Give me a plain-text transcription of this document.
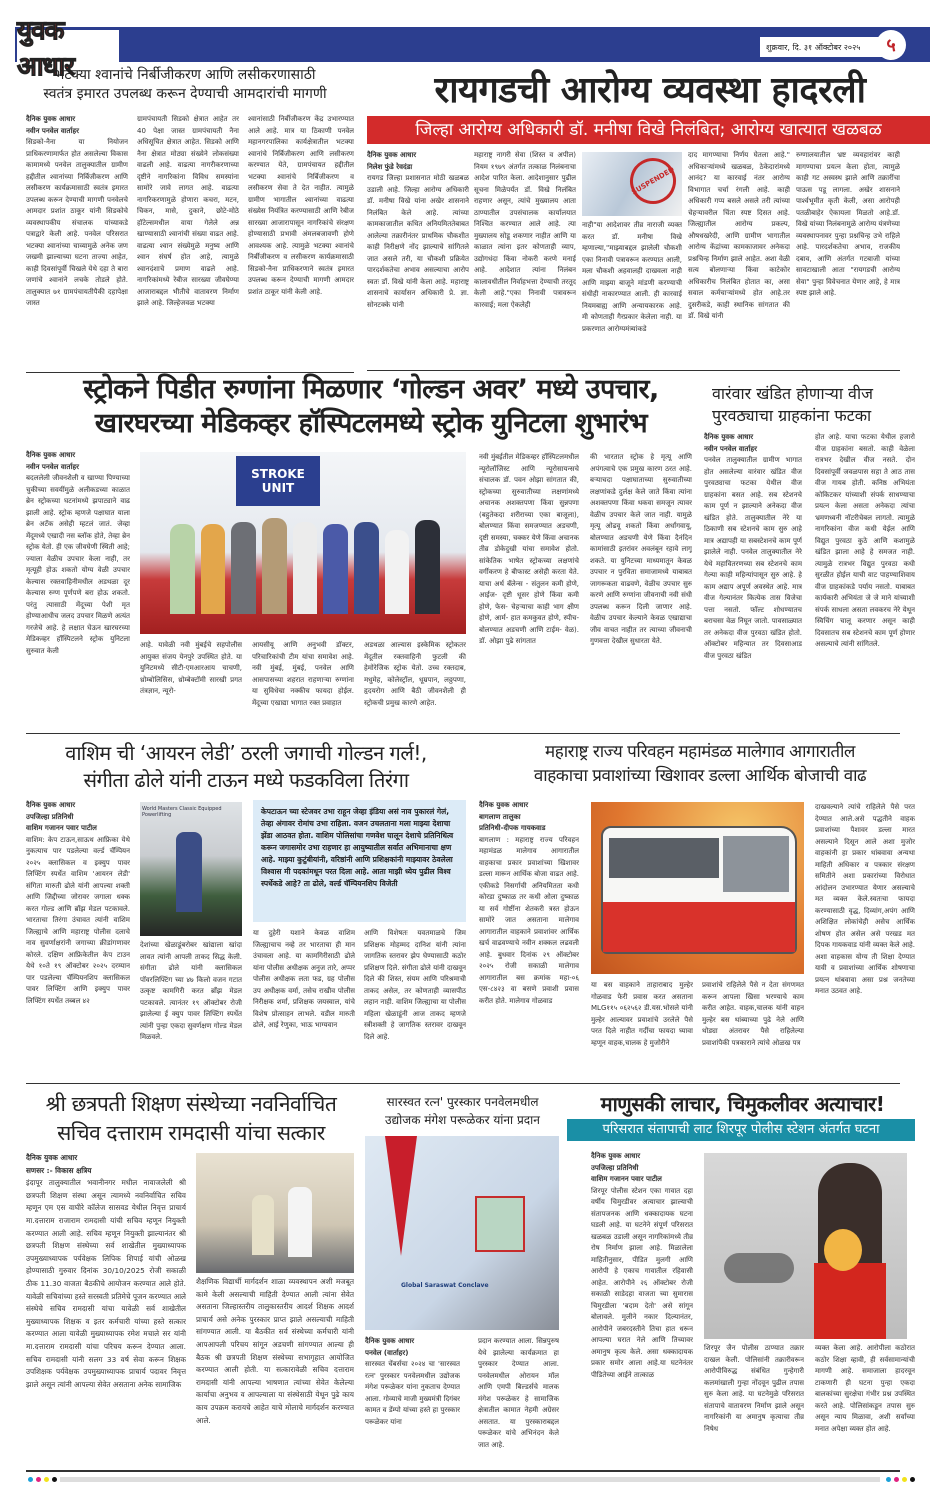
युवक आधार
शुक्रवार, दि. ३१ ऑक्टोबर २०२५	५
भटक्या श्वानांचे निर्बीजीकरण आणि लसीकरणासाठी
स्वतंत्र इमारत उपलब्ध करून देण्याची आमदारांची मागणी
दैनिक युवक आधार
नवीन पनवेल वार्ताहर
सिडको-नैना या नियोजन प्राधिकरणामार्फत होत असलेल्या विकास कामामध्ये पनवेल तालुक्यातील ग्रामीण हद्दीतील श्वानांच्या निर्बिजीकरण आणि लसीकरण कार्यक्रमासाठी स्वतंत्र इमारत उपलब्ध करून देण्याची मागणी पनवेलचे आमदार प्रशांत ठाकूर यांनी सिडकोचे व्यवस्थापकीय संचालक यांच्याकडे पत्राद्वारे केली आहे. पनवेल परिसरात भटक्या श्वानांच्या चाव्यामुळे अनेक जण जखमी झाल्याच्या घटना ताज्या आहेत, काही दिवसांपूर्वी चिखले येथे दहा ते बारा जणांचे श्वानांने लचके तोडले होते. तालुक्यात ७१ ग्रामपंचायतीपैकी दहापेक्षा जास्त
ग्रामपंचायती सिडको क्षेत्रात आहेत तर 40 पेक्षा जास्त ग्रामपंचायती नैना अधिसूचित क्षेत्रात आहेत. सिडको आणि नैना क्षेत्रात मोठ्या संख्येने लोकसंख्या वाढली आहे. वाढत्या नागरीकरणाच्या दृष्टीने नागरिकांना विविध समस्यांना सामोरे जावे लागत आहे. वाढत्या नागरिकरणामुळे होणारा कचरा, मटन, चिकन, मासे, दुकाने, छोटे-मोठे हॉटेल्समधील वाया गेलेले अन्न खाण्यासाठी श्वानांची संख्या वाढत आहे. वाढत्या श्वान संख्येमुळे मनुष्य आणि श्वान संघर्ष होत आहे, त्यामुळे श्वानदंशाचे प्रमाण वाढले आहे. नागरिकांमध्ये रेबीज सारख्या जीवघेण्या आजाराबद्दल भीतीचे वातावरण निर्माण झाले आहे. जिल्हेजवळ भटक्या
श्वानांसाठी निर्बीजीकरण केंद्र उभारण्यात आले आहे. मात्र या ठिकाणी पनवेल महानगरपालिका कार्यक्षेत्रातील भटक्या श्वानांचे निर्बिजीकरण आणि लसीकरण करण्यात येते, ग्रामपंचायत हद्दीतील भटक्या श्वानांचे निर्बिजीकरण व लसीकरण सेवा ते देत नाहीत. त्यामुळे ग्रामीण भागातील श्वानांच्या वाढत्या संख्येस नियंत्रित करण्यासाठी आणि रेबीज सारख्या आजारापासून नागरिकांचे संरक्षण होण्यासाठी प्रभावी अंमलबजावणी होणे आवश्यक आहे. त्यामुळे भटक्या श्वानांचे निर्बीजीकरण व लसीकरण कार्यक्रमासाठी सिडको-नैना प्राधिकरणाने स्वतंत्र इमारत उपलब्ध करून देण्याची मागणी आमदार प्रशांत ठाकूर यांनी केली आहे.
रायगडची आरोग्य व्यवस्था हादरली
जिल्हा आरोग्य अधिकारी डॉ. मनीषा विखे निलंबित; आरोग्य खात्यात खळबळ
दैनिक युवक आधार
निलेश फुंडे रेवदंडा
रायगड जिल्हा प्रशासनात मोठी खळबळ उडाली आहे. जिल्हा आरोग्य अधिकारी डॉ. मनीषा विखे यांना अखेर शासनाने निलंबित केले आहे. त्यांच्या कामकाजातील कथित अनियमिततेबाबत आलेल्या तक्रारीनंतर प्राथमिक चौकशीत काही निरीक्षणे नोंद झाल्याचे सांगितले जात असले तरी, या चौकशी प्रक्रियेत पारदर्शकतेचा अभाव असल्याचा आरोप स्वतः डॉ. विखे यांनी केला आहे. महाराष्ट्र शासनाचे कार्यासन अधिकारी प्रे. ज्ञा. सोनटक्के यांनी
महाराष्ट्र नागरी सेवा (शिस्त व अपील) नियम १९७९ अंतर्गत तत्काळ निलंबनाचा आदेश पारित केला. आदेशानुसार पुढील सूचना मिळेपर्यंत डॉ. विखे निलंबित राहणार असून, त्यांचे मुख्यालय आता ठाण्यातील उपसंचालक कार्यालयात निश्चित करण्यात आले आहे. त्या मुख्यालय सोडू शकणार नाहीत आणि या काळात त्यांना इतर कोणताही व्याप, उद्योगधंदा किंवा नोकरी करणे मनाई आहे. आदेशात त्यांना निलंबन कालावधीतील निर्वाहभत्ता देण्याची तरतूद केली आहे."एका निनावी पत्रावरून कारवाई; मला ऐकलेही
SUSPENDED
नाही"या आदेशावर तीव्र नाराजी व्यक्त करत डॉ. मनीषा विखे म्हणाल्या,"माझ्याबद्दल झालेली चौकशी एका निनावी पत्रावरून करण्यात आली, मला चौकशी अहवालही दाखवला नाही आणि माझ्या बाजूने मांडणी करण्याची संधीही नाकारण्यात आली. ही कारवाई नियमबाह्य आणि अन्यायकारक आहे. मी कोणताही गैरप्रकार केलेला नाही. या प्रकरणात आरोग्यमंत्र्यांकडे
दाद मागण्याचा निर्णय घेतला आहे." अधिकाऱ्यांमध्ये खळबळ, ठेकेदारांमध्ये आनंद? या कारवाई नंतर आरोग्य विभागात चर्चा रंगली आहे. काही अधिकारी गप्प बसले असले तरी त्यांच्या चेहऱ्यावरील चिंता स्पष्ट दिसत आहे. जिल्ह्यातील आरोग्य प्रकल्प, औषधखरेदी, आणि ग्रामीण भागातील आरोग्य केंद्रांच्या कामकाजावर अनेकदा प्रश्नचिन्ह निर्माण झाले आहेत. अशा वेळी सत्य बोलणाऱ्या किंवा काटेकोर अधिकारीच निलंबित होतात का, असा सवाल कर्मचाऱ्यांमध्ये होत आहे.तर दुसरीकडे, काही स्थानिक सांगतात की डॉ. विखे यांनी
रुग्णालयातील भ्रष्ट व्यवहारांवर काही मागण्याचा प्रयत्न केला होता, त्यामुळे काही गट अस्वस्थ झाले आणि तक्रारींचा पाऊस पडू लागला. अखेर शासनाने पार्श्वभूमीत कृती केली, असा आरोपही पतळीबाहेर ऐकायला मिळतो आहे.डॉ. विखे यांच्या निलंबनामुळे आरोग्य यंत्रणेच्या व्यवस्थापनावर पुन्हा प्रश्नचिन्ह उभे राहिले आहे. पारदर्शकतेचा अभाव, राजकीय दबाव, आणि अंतर्गत गटबाजी यांच्या सावटाखाली आता "रायगडची आरोग्य सेवा" पुन्हा विवेचनात येणार आहे, हे मात्र स्पष्ट झाले आहे.
स्ट्रोकने पिडीत रुग्णांना मिळणार ‘गोल्डन अवर’ मध्ये उपचार,
खारघरच्या मेडिकव्हर हॉस्पिटलमध्ये स्ट्रोक युनिटला शुभारंभ
दैनिक युवक आधार
नवीन पनवेल वार्ताहर
बदललेली जीवनशैली व खाण्या पिण्याच्या चुकीच्या सवयींमुळे अलीकडच्या काळात ब्रेन स्ट्रोकच्या घटनांमध्ये झपाट्याने वाढ झाली आहे. स्ट्रोक म्हणजे पक्षाघात याला ब्रेन अटॅक असेही म्हटलं जातं. जेव्हा मेंदूमध्ये एखादी नस ब्लॉक होते, तेव्हा ब्रेन स्ट्रोक येतो. ही एक जीवघेणी स्थिती आहे; ज्याला वेळीच उपचार केला नाही, तर मृत्यूही होऊ शकतो योग्य वेळी उपचार केल्यास रक्तवाहिनीमधील अडथळा दूर केल्यास रुग्ण पूर्णपणे बरा होऊ शकतो. परंतु त्यासाठी मेंदूच्या पेशी मृत होण्याआधीच जलद उपचार मिळणे अत्यंत गरजेचे आहे. हे लक्षात घेऊन खारघरच्या मेडिकव्हर हॉस्पिटलने स्ट्रोक युनिटला सुरुवात केली
STROKE UNIT
आहे. यावेळी नवी मुंबईचे सहपोलीस आयुक्त संजय येनपुरे उपस्थित होते. या युनिटमध्ये सीटी-एमआरआय चाचणी, थ्रोम्बोलिसिस, थ्रोम्बेक्टॉमी सारखी प्रगत तंत्रज्ञान, न्यूरो-
आयसीयू आणि अनुभवी डॉक्टर, परिचारिकांची टीम यांचा समावेश आहे. नवी मुंबई, मुंबई, पनवेल आणि आसपासच्या शहरात राहणाऱ्या रुग्णांना या सुविधेचा नक्कीच फायदा होईल. मेंदूच्या एखाद्या भागात रक्त प्रवाहात
अडथळा आल्यास इस्केमिक स्ट्रोकतर मेंदूतील रक्तवाहिनी फुटली की हेमोरेजिक स्ट्रोक येतो. उच्च रक्तदाब, मधुमेह, कोलेस्ट्रॉल, धूम्रपान, लठ्ठपणा, हृदयरोग आणि बैठी जीवनशैली ही स्ट्रोकची प्रमुख कारणे आहेत.
नवी मुंबईतील मेडिकव्हर हॉस्पिटलमधील न्यूरोलॉजिस्ट आणि न्यूरोसायन्सचे संचालक डॉ. पवन ओझा सांगतात की, स्ट्रोकच्या सुरुवातीच्या लक्षणांमध्ये अचानक अशक्तपणा किंवा सुन्नपणा (बहुतेकदा शरीराच्या एका बाजूला), बोलण्यात किंवा समजण्यात अडचणी, दृष्टी समस्या, चक्कर येणे किंवा अचानक तीव्र डोकेदुखी यांचा समावेश होतो. सांकेतिक भाषेत स्ट्रोकच्या लक्षणांचे वर्गीकरण हे बीफास्ट असेही करता येते. याचा अर्थ बॅलेन्स - संतुलन कमी होणे, आईज- दृष्टी धूसर होणे किंवा कमी होणे, फेस- चेहऱ्याचा काही भाग क्षीण होणे, आर्म- हात कमकुवत होणे, स्पीच- बोलण्यात अडचणी आणि टाईम- वेळ). डॉ. ओझा पुढे सांगतात
की भारतात स्ट्रोक हे मृत्यू आणि अपंगत्वाचे एक प्रमुख कारण ठरत आहे. बऱ्याचदा पक्षाघाताच्या सुरुवातीच्या लक्षणांकडे दुर्लक्ष केले जाते किंवा त्यांना अशक्तपणा किंवा थकवा समजून त्यावर वेळीच उपचार केले जात नाही. यामुळे मृत्यू ओढवू शकतो किंवा अर्धांगवायू, बोलण्यात अडचणी येणे किंवा दैनंदिन कामांसाठी इतरांवर अवलंबून रहावे लागू शकते. या युनिटच्या माध्यमातून केवळ उपचार न पुरविता समाजामध्ये याबाबत जागरूकता वाढवणे, वेळीच उपचार सुरु करणे आणि रुग्णांना जीवनाची नवी संधी उपलब्ध करून दिली जाणार आहे. वेळीच उपचार केल्याने केवळ एखाद्याचा जीव वाचत नाहीत तर त्याच्या जीवनाची गुणवत्ता देखील सुधारता येते.
वारंवार खंडित होणाऱ्या वीज
पुरवठ्याचा ग्राहकांना फटका
दैनिक युवक आधार
नवीन पनवेल वार्ताहर
पनवेल तालुक्यातील ग्रामीण भागात होत असलेल्या वारंवार खंडित वीज पुरवठ्याचा फटका येथील वीज ग्राहकांना बसत आहे. सब स्टेशनचे काम पूर्ण न झाल्याने अनेकदा वीज खंडित होते. तालुक्यातील नेरे या ठिकाणी सब स्टेशनचे काम सुरु आहे मात्र अद्यापही या सबस्टेशनचे काम पूर्ण झालेले नाही. पनवेल तालुक्यातील नेरे येथे महावितरणच्या सब स्टेशनचे काम गेल्या काही महिन्यांपासून सुरु आहे. हे काम अद्याप अपूर्ण अवस्थेत आहे. मात्र वीज गेल्यानंतर कित्येक तास विजेचा पत्ता नसतो. फॉल्ट शोधण्यातच बराचसा वेळ निघून जातो. पावसाळ्यात तर अनेकदा वीज पुरवठा खंडित होतो. ऑक्टोबर महिन्यात तर दिवसाआड वीज पुरवठा खंडित
होत आहे. याचा फटका येथील हजारो वीज ग्राहकांना बसतो. काही वेळेला रात्रभर देखील वीज नसते. दोन दिवसांपूर्वी जवळपास सहा ते आठ तास वीज गायब होती. कनिष्ठ अभियंता कोकिटकर यांच्याशी संपर्क साधण्याचा प्रयत्न केला असता अनेकदा त्यांचा भ्रमणध्वनी नॉटरीचेबल लागतो. त्यामुळे नागरिकांना वीज कधी येईल आणि विद्युत पुरवठा कुठे आणि कशामुळे खंडित झाला आहे हे समजत नाही. त्यामुळे रात्रभर विद्युत पुरवठा कधी सुरळीत होईल याची वाट पाहण्याशिवाय वीज ग्राहकांकडे पर्याय नसतो. याबाबत कार्यकारी अभियंता जे जे माने यांच्याशी संपर्क साधला असता लवकरच नेरे येथून स्विचिंग चालू करणार असून काही दिवसातच सब स्टेशनचे काम पूर्ण होणार असल्याचे त्यांनी सांगितले.
वाशिम ची ‘आयरन लेडी’ ठरली जगाची गोल्डन गर्ल!,
संगीता ढोले यांनी टाऊन मध्ये फडकविला तिरंगा
दैनिक युवक आधार
उपजिल्हा प्रतिनिधी
वाशिम गजानन पवार पाटील
वाशिम: केप टाऊन,साऊथ आफ्रिका येथे नुकत्याच पार पडलेल्या वर्ल्ड चॅम्पियन २०२५ क्लासिकल व इक्युप पावर लिफ्टिंग स्पर्धेत वाशिम 'आयरन लेडी' संगिता मारुती ढोले यांनी आपल्या शक्ती आणि जिद्दीच्या जोरावर जगाला धक्क करत गोल्ड आणि ब्रॉझ मेडल पटकावले. भारताचा तिरंगा उंचावत त्यांनी वाशिम जिल्ह्याचे आणि महाराष्ट्र पोलीस दलाचे नाव सुवर्णाक्षरांनी जगाच्या क्रीडांगणावर कोरले. दक्षिण आफ्रिकेतील केप टाउन येथे १०ते १९ ऑक्टोबर २०२५ दरम्यान पार पडलेल्या चॅम्पियनशिप क्लासिकल पावर लिफ्टिंग आणि इक्युप पावर लिफ्टिंग स्पर्धेत तब्बल ४२
World Masters Classic Equipped Powerlifting
देशांच्या खेळाडूंबरोबर खांद्याला खांदा लावत त्यांनी आपली ताकद सिद्ध केली. संगीता ढोले यांनी क्लासिकल पॉवरलिफ्टिंग च्या ४७ किलो वजन गटात उत्कृष्ट कामगिरी करत ब्रॉंझ मेडल पटकावले. त्यानंतर १९ ऑक्टोबर रोजी झालेल्या ई क्युप पावर लिफ्टिंग स्पर्धेत त्यांनी पुन्हा एकदा सुवर्णक्षण गोल्ड मेडल मिळवले.
केपटाऊन च्या स्टेजवर उभा राहून जेव्हा इंडिया असं नाव पुकारलं गेलं, तेव्हा अंगावर रोमांच उभा राहिला. वजन उचलताना मला माझ्या देशाचा झेंडा आठवत होता. वाशिम पोलिसांचा गणवेश घालून देशाचे प्रतिनिधित्व करून जगासमोर उभा राहणार हा आयुष्यातील सर्वात अभिमानाचा क्षण आहे. माझ्या कुटुंबीयांनी, वरिष्ठांनी आणि प्रशिक्षकांनी माझ्यावर ठेवलेला विश्वास मी पदकांमधून परत दिला आहे. आता माझी ध्येय पुढील विश्व स्पर्धेकडे आहे? ता ढोले, वर्ल्ड चॅम्पियनशिप विजेती
या दुहेरी यशाने केवळ वाशिम जिल्ह्याचाच नव्हे तर भारताचा ही मान उंचावला आहे. या कामगिरीसाठी ढोले यांना पोलीस अधीक्षक अनुज तारे, अप्पर पोलीस अधीक्षक लता फड, ग्रह पोलीस उप अधीक्षक वर्मा, तसेच राखीव पोलीस निरीक्षक शर्मा, प्रशिक्षक जयस्वाल, यांचे विशेष प्रोत्साहन लाभले. वडील मारुती ढोले, आई रेणुका, भाऊ भाग्यवान
आणि विशेषतः यवतमाळचे जिम प्रशिक्षक मोहम्मद दानिश यांनी त्यांना जागतिक स्तरावर झेप घेण्यासाठी कठोर प्रशिक्षण दिले. संगीता ढोले यांनी दाखवून दिले की शिस्त, संयम आणि परिश्रमाची ताकद असेल, तर कोणताही व्यासपीठ लहान नाही. वाशिम जिल्ह्याचा या पोलीस महिला खेळाडूंनी आज ताकद म्हणजे स्त्रीशक्ती हे जागतिक स्तरावर दाखवून दिले आहे.
महाराष्ट्र राज्य परिवहन महामंडळ मालेगाव आगारातील
वाहकाचा प्रवाशांच्या खिशावर डल्ला आर्थिक बोजाची वाढ
दैनिक युवक आधार
बागलाण तालुका
प्रतिनिधी-दीपक गायकवाड
बागलाण : महाराष्ट्र राज्य परिवहन महामंडळ मालेगाव आगारातील वाहकाचा प्रकार प्रवाशांच्या खिशावर डल्ला मारून आर्थिक बोजा वाढत आहे. एकीकडे निसर्गाची अनियमितता कधी कोरडा दुष्काळ तर कधी ओला दुष्काळ या सर्व गोष्टींना शेतकरी त्रस्त होऊन सामोरे जात असताना मालेगाव आगारातील वाहकाने प्रवाशांवर आर्थिक खर्च वाढवण्याचे नवीन शक्कल लढवली आहे. बुधवार दिनांक २९ ऑक्टोबर २०२५ रोजी सकाळी मालेगाव आगारातील बस क्रमांक महा-०६ एस-८४२३ वा बसणे प्रवाशी प्रवास करीत होते. मालेगाव गोळवाड
या बस वाहकाने ताहाराबाद मुल्हेर गोळवाड फेरी प्रवास करत असताना MLG११५ ०६२५६२ डी.यस.भोसले यांनी मुल्हेर आल्यावर प्रवाशांचे उरलेले पैसे परत दिले नाहीत गर्दीचा फायदा घ्यावा म्हणून वाहक,चालक हे मुजोरीने
प्रवाशांचे राहिलेले पैसे न देता संगणमत करून आपला खिसा भरण्याचे काम करीत आहेत. वाहक,चालक यांनी वाहन मुल्हेर बस थांब्याच्या पुढे नेले आणि थोड्या अंतरावर पैसे राहिलेल्या प्रवाशांपैकी पत्रकाराने त्यांचे ओळख पत्र
दाखवल्याने त्यांचे राहिलेले पैसे परत देण्यात आले.असे पद्धतीने वाहक प्रवाशांच्या पैशावर डल्ला मारत असल्याने दिसून आले अशा मुजोर वाहकांनी हा प्रकार थांबवावा अन्यथा माहिती अधिकार व पत्रकार संरक्षण समितीने अशा प्रकारांच्या विरोधात आंदोलन उभारण्यात येणार असल्याचे मत व्यक्त केले.स्वतःचा फायदा करण्यासाठी वृद्ध, दिव्यांग,अपंग आणि अशिक्षित लोकांचेही असेच आर्थिक शोषण होत असेल असे परखड मत दिपक गायकवाड यांनी व्यक्त केले आहे. अशा वाहकास योग्य ती शिक्षा देण्यात यावी व प्रवाशांच्या आर्थिक शोषणाचा प्रयत्न थांबवावा असा प्रश्न जनतेच्या मनात उठवत आहे.
श्री छत्रपती शिक्षण संस्थेच्या नवनिर्वाचित
सचिव दत्ताराम रामदासी यांचा सत्कार
दैनिक युवक आधार
सणसर :- विकास क्षत्रिय
इंदापूर तालुक्यातील भवानीनगर मधील नावाजलेली श्री छत्रपती शिक्षण संस्था असून त्यामध्ये नवनिर्वाचित सचिव म्हणून एम एस वाघीरे कॉलेज सासवड येथील निवृत्त प्राचार्य मा.दत्ताराम राजाराम रामदासी यांची सचिव म्हणून नियुक्ती करण्यात आली आहे. सचिव म्हणून नियुक्ती झाल्यानंतर श्री छत्रपती शिक्षण संस्थेच्या सर्व शाखेतील मुख्याध्यापक उपमुख्याध्यापक पर्यवेक्षक लिपिक शिपाई यांची ओळख होण्यासाठी गुरुवार दिनांक 30/10/2025 रोजी सकाळी ठीक 11.30 वाजता बैठकीचे आयोजन करण्यात आले होते. यावेळी सचिवांच्या हस्ते सरस्वती प्रतिमेचे पूजन करण्यात आले संस्थेचे सचिव रामदासी यांचा यावेळी सर्व शाखेतील मुख्याध्यापक शिक्षक व इतर कर्मचारी यांच्या हस्ते सत्कार करण्यात आला यावेळी मुख्याध्यापक रमेश मचाले सर यांनी मा.दत्ताराम रामदासी यांचा परिचय करून देण्यात आला. सचिव रामदासी यांनी सलग 33 वर्ष सेवा करून शिक्षक उपशिक्षक पर्यवेक्षक उपमुख्याध्यापक प्राचार्य पदावर निवृत्त झाले असून त्यांनी आपल्या सेवेत असताना अनेक सामाजिक
शैक्षणिक विद्यार्थी मार्गदर्शन शाळा व्यवस्थापन अशी मजबूत कामे केली असल्याची माहिती देण्यात आली त्यांना सेवेत असताना जिल्हास्तरीय तालुकास्तरीय आदर्श शिक्षक आदर्श प्राचार्य असे अनेक पुरस्कार प्राप्त झाले असल्याची माहिती सांगण्यात आली. या बैठकीत सर्व संस्थेच्या कर्मचारी यांनी आपआपली परिचय सांगून अडचणी सांगण्यात आल्या ही बैठक श्री छत्रपती शिक्षण संस्थेच्या सभागृहात आयोजित करण्यात आली होती. या सत्कारावेळी सचिव दत्ताराम रामदासी यांनी आपल्या भाषणात त्यांच्या सेवेत केलेल्या कार्याचा अनुभव व आपल्याला या संस्थेसाठी येथून पुढे काय काय उपक्रम करायचे आहेत याचे मोलाचे मार्गदर्शन करण्यात आले.
सारस्वत रत्न' पुरस्कार पनवेलमधील
उद्योजक मंगेश परूळेकर यांना प्रदान
Global Saraswat Conclave
दैनिक युवक आधार
पनवेल (वार्ताहर)
सारस्वत चेंबर्सचा २०२४ चा 'सारस्वत रत्न' पुरस्कार पनवेलमधील उद्योजक मंगेश परूळेकर यांना नुकताच देण्यात आला. गोव्याचे माजी मुख्यमंत्री दिगंबर कामत व डेंम्पो यांच्या हस्ते हा पुरस्कार परूळेकर यांना
प्रदान करण्यात आला. सिन्नपुरुष येथे झालेल्या कार्यक्रमात हा पुरस्कार देण्यात आला. पनवेलमधील ओरायन मॉल आणि एमपी बिल्डर्सचे मालक मंगेश परूळेकर हे सामाजिक क्षेत्रातील कामात नेहमी अग्रेसर असतात. या पुरस्काराबद्दल परूळेकर यांचे अभिनंदन केले जात आहे.
माणुसकी लाचार, चिमुकलीवर अत्याचार!
परिसरात संतापाची लाट शिरपूर पोलीस स्टेशन अंतर्गत घटना
दैनिक युवक आधार
उपजिल्हा प्रतिनिधी
वाशिम गजानन पवार पाटील
शिरपूर पोलीस स्टेशन एका गावात दहा वर्षीय चिमुरडीवर अत्याचार झाल्याची संतापजनक आणि धक्कादायक घटना घडली आहे. या घटनेने संपूर्ण परिसरात खळबळ उडाली असून नागरिकांमध्ये तीव्र रोष निर्माण झाला आहे. मिळालेला माहितीनुसार, पीडित मुलगी आणि आरोपी हे एकाच गावातील रहिवासी आहेत. आरोपीने २६ ऑक्टोबर रोजी सकाळी साडेदहा वाजता च्या सुमारास चिमुरडीला 'बदाम देतो' असे सांगून बोलावले. मुलीने नकार दिल्यानंतर, आरोपीने जबरदस्तीने तिचा हात धरून आपल्या घरात नेले आणि तिच्यावर अमानुष कृत्य केले. असा धक्कादायक प्रकार समोर आला आहे.या घटनेनंतर पीडितेच्या आईने तात्काळ
शिरपूर जैन पोलीस ठाण्यात तक्रार दाखल केली. पोलिसांनी तक्रारीवरून आरोपीविरुद्ध संबंधित गुन्हेगारी कलमांखाली गुन्हा नोंदवून पुढील तपास सुरु केला आहे. या घटनेमुळे परिसरात संतापाचे वातावरण निर्माण झाले असून नागरिकांनी या अमानुष कृत्याचा तीव्र निषेध
व्यक्त केला आहे. आरोपीला कठोरात कठोर शिक्षा व्हावी, ही सर्वसामान्यांची मागणी आहे. समाजाला हादरवून टाकणारी ही घटना पुन्हा एकदा बालकांच्या सुरक्षेचा गंभीर प्रश्न उपस्थित करते आहे. पोलिसांकडून तपास सुरु असून न्याय मिळावा, अशी सर्वांच्या मनात अपेक्षा व्यक्त होत आहे.
